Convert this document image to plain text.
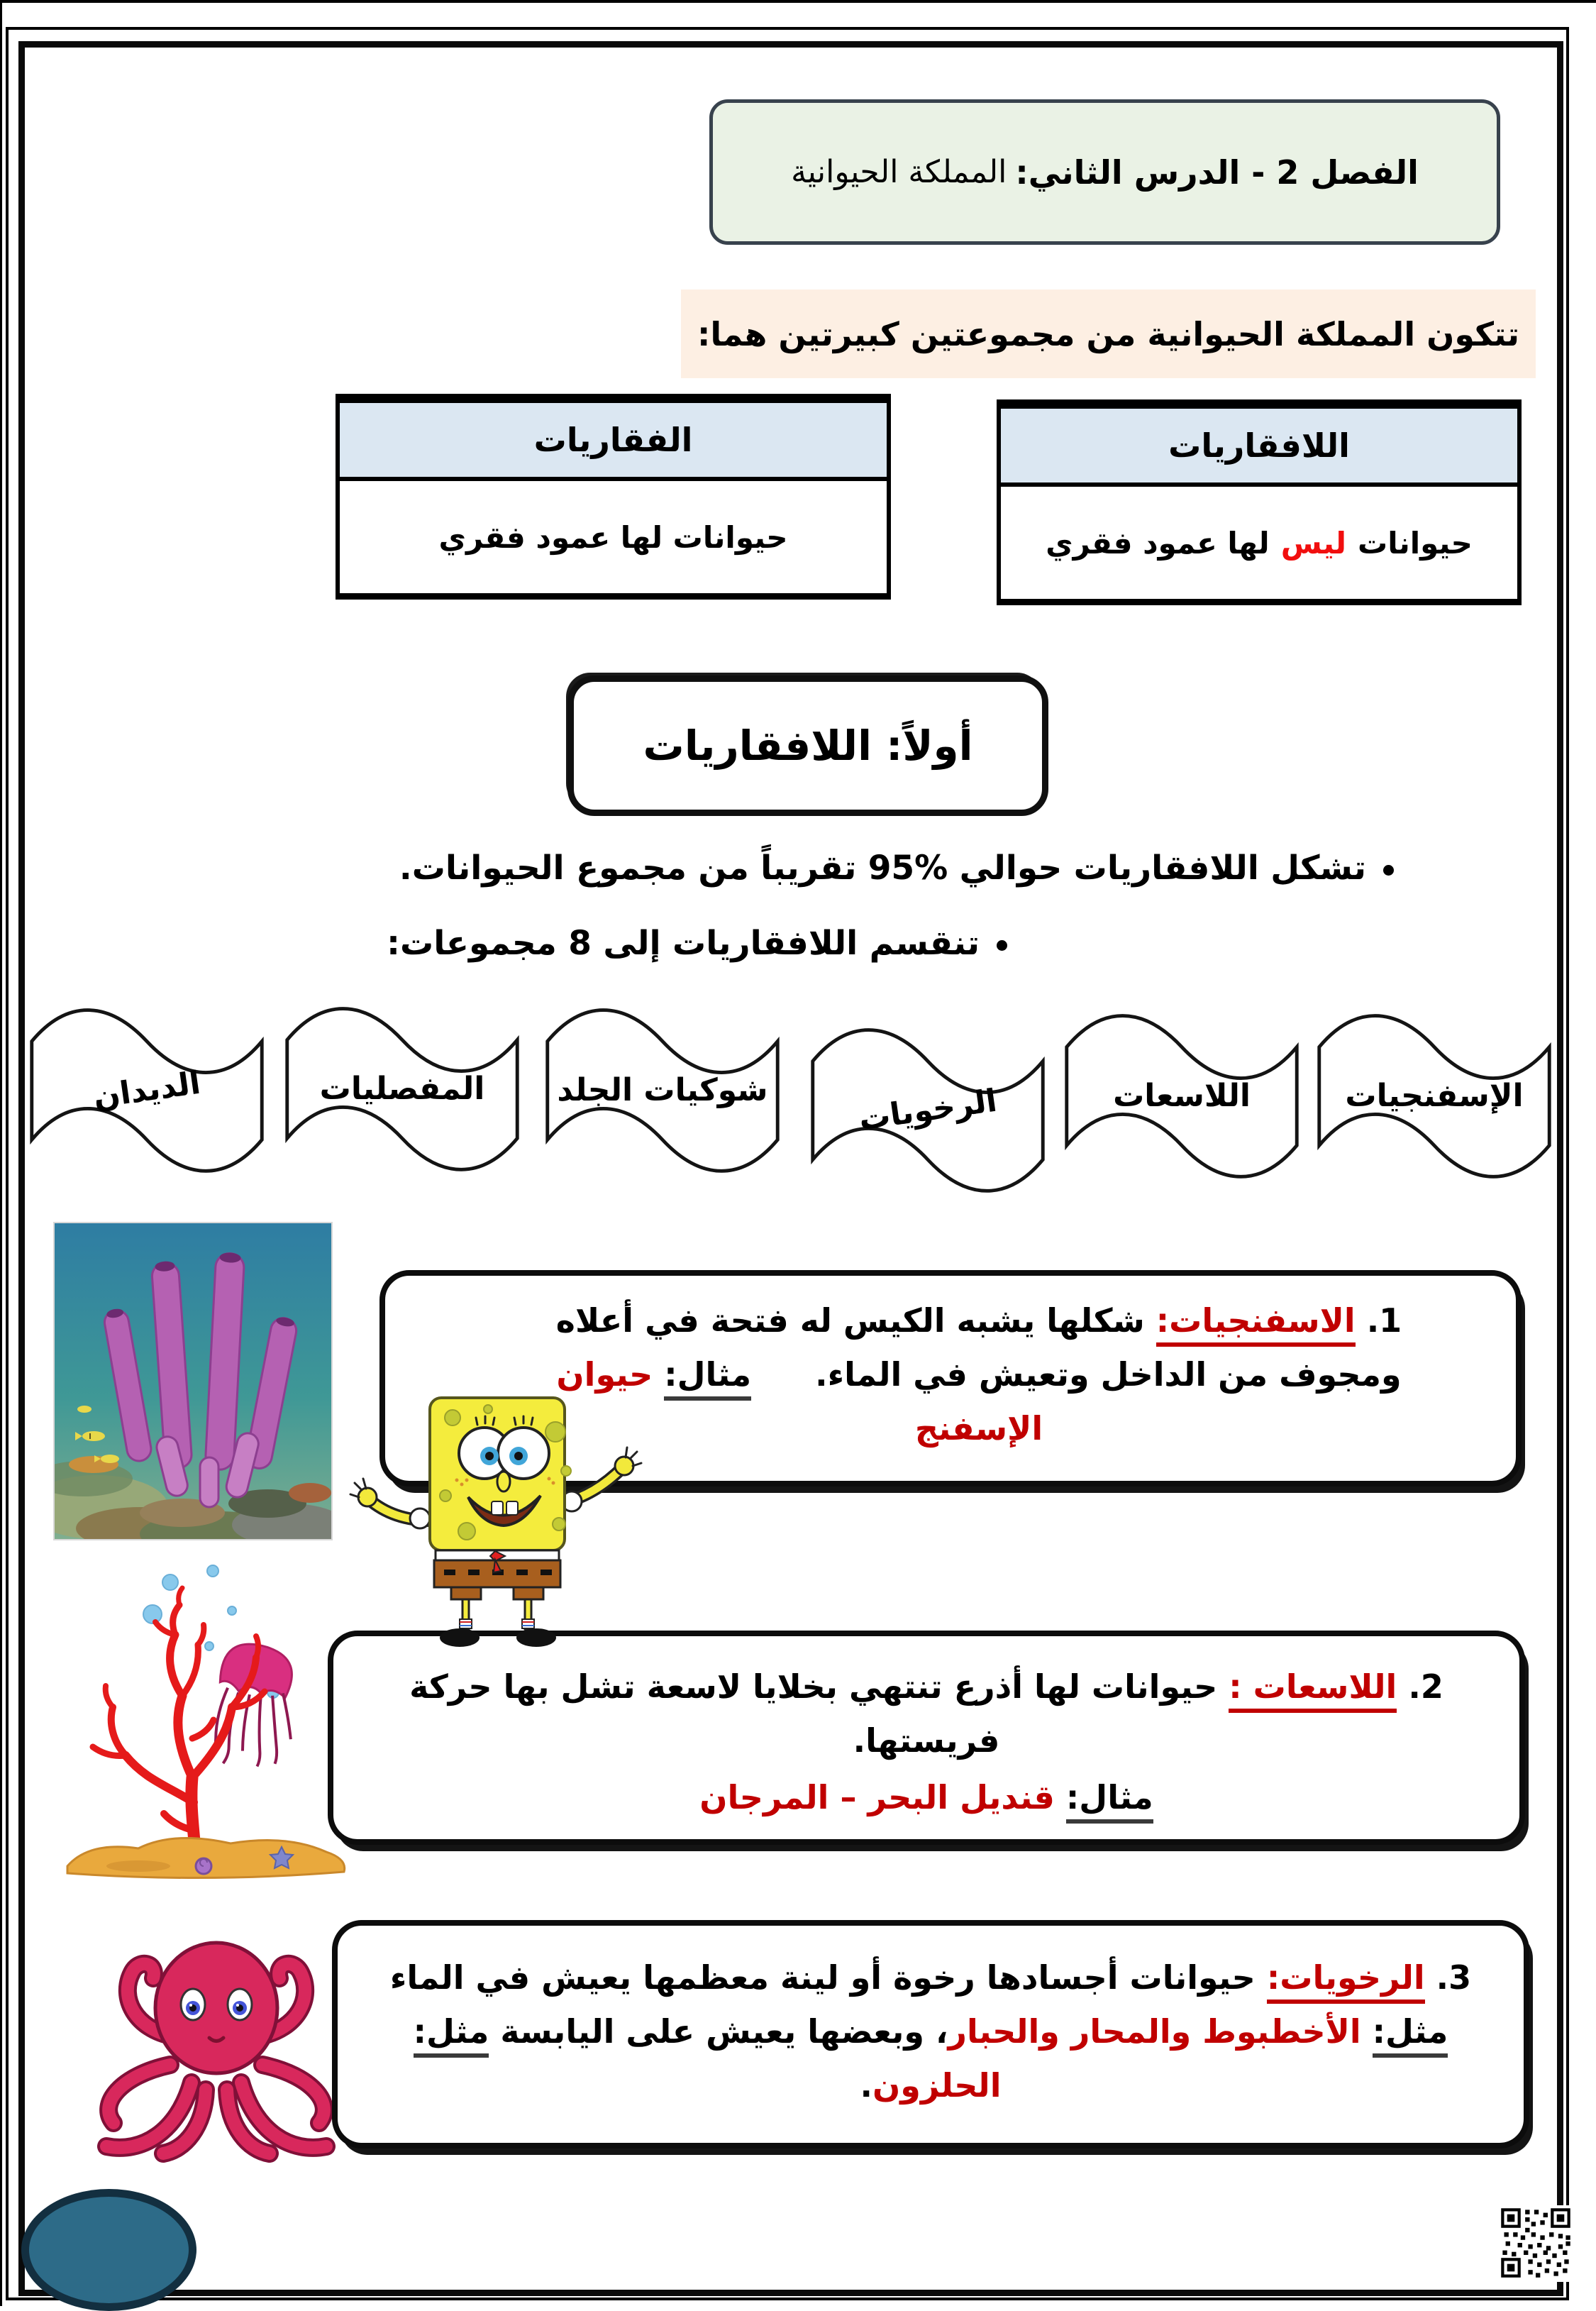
الفصل 2 - الدرس الثاني:
المملكة الحيوانية
تتكون المملكة الحيوانية من مجموعتين كبيرتين هما:
الفقاريات
حيوانات لها عمود فقري
اللافقاريات
حيوانات
ليس
لها عمود فقري
أولاً: اللافقاريات
تشكل اللافقاريات حوالي %95 تقريباً من مجموع الحيوانات.
تنقسم اللافقاريات إلى 8 مجموعات:
الإسفنجيات
اللاسعات
الرخويات
شوكيات الجلد
المفصليات
الديدان
1. الاسفنجيات: شكلها يشبه الكيس له فتحة في أعلاه ومجوف من الداخل وتعيش في الماء.مثال: حيوان الإسفنج
2. اللاسعات : حيوانات لها أذرع تنتهي بخلايا لاسعة تشل بها حركة فريستها.
مثال: قنديل البحر – المرجان
3. الرخويات: حيوانات أجسادها رخوة أو لينة معظمها يعيش في الماء مثل: الأخطبوط والمحار والحبار، وبعضها يعيش على اليابسة مثل: الحلزون.
